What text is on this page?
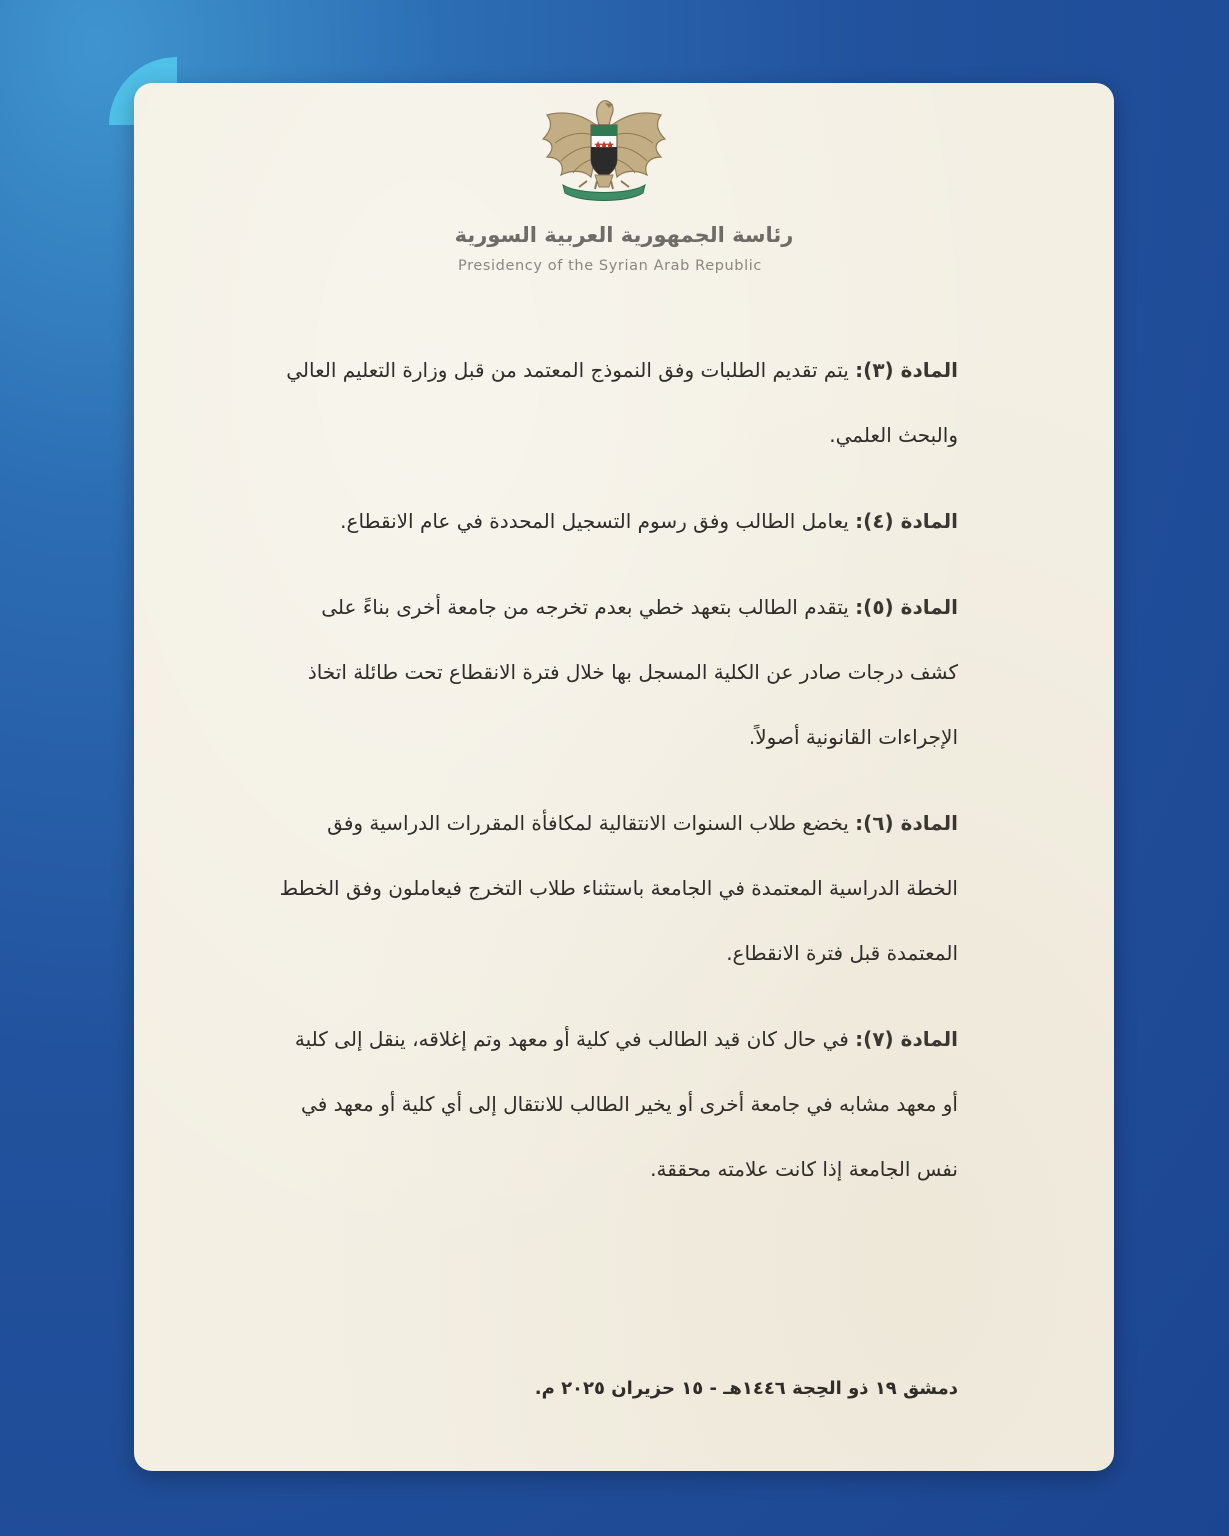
رئاسة الجمهورية العربية السورية
Presidency of the Syrian Arab Republic

المادة (٣): يتم تقديم الطلبات وفق النموذج المعتمد من قبل وزارة التعليم العالي والبحث العلمي.

المادة (٤): يعامل الطالب وفق رسوم التسجيل المحددة في عام الانقطاع.

المادة (٥): يتقدم الطالب بتعهد خطي بعدم تخرجه من جامعة أخرى بناءً على كشف درجات صادر عن الكلية المسجل بها خلال فترة الانقطاع تحت طائلة اتخاذ الإجراءات القانونية أصولاً.

المادة (٦): يخضع طلاب السنوات الانتقالية لمكافأة المقررات الدراسية وفق الخطة الدراسية المعتمدة في الجامعة باستثناء طلاب التخرج فيعاملون وفق الخطط المعتمدة قبل فترة الانقطاع.

المادة (٧): في حال كان قيد الطالب في كلية أو معهد وتم إغلاقه، ينقل إلى كلية أو معهد مشابه في جامعة أخرى أو يخير الطالب للانتقال إلى أي كلية أو معهد في نفس الجامعة إذا كانت علامته محققة.

دمشق ١٩ ذو الحِجة ١٤٤٦هـ - ١٥ حزيران ٢٠٢٥ م.
